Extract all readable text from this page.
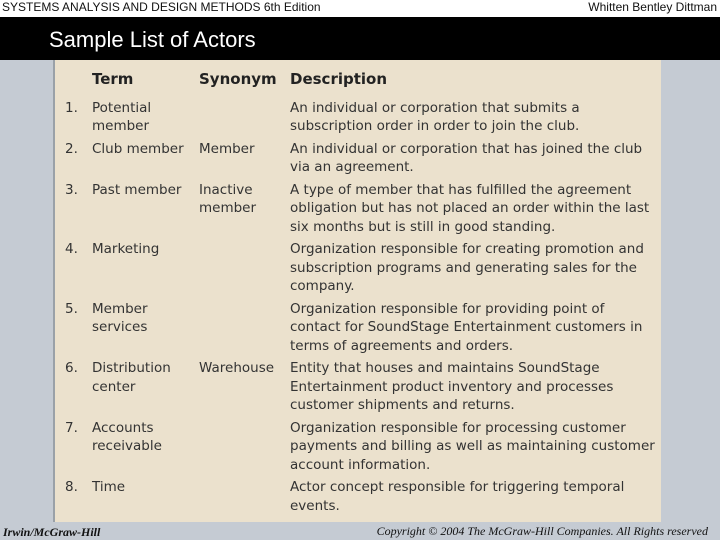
SYSTEMS ANALYSIS AND DESIGN METHODS 6th Edition	Whitten Bentley Dittman
Sample List of Actors
	Term	Synonym	Description
1.	Potential member		An individual or corporation that submits a subscription order in order to join the club.
2.	Club member	Member	An individual or corporation that has joined the club via an agreement.
3.	Past member	Inactive member	A type of member that has fulfilled the agreement obligation but has not placed an order within the last six months but is still in good standing.
4.	Marketing		Organization responsible for creating promotion and subscription programs and generating sales for the company.
5.	Member services		Organization responsible for providing point of contact for SoundStage Entertainment customers in terms of agreements and orders.
6.	Distribution center	Warehouse	Entity that houses and maintains SoundStage Entertainment product inventory and processes customer shipments and returns.
7.	Accounts receivable		Organization responsible for processing customer payments and billing as well as maintaining customer account information.
8.	Time		Actor concept responsible for triggering temporal events.
Irwin/McGraw-Hill	Copyright © 2004 The McGraw-Hill Companies. All Rights reserved
